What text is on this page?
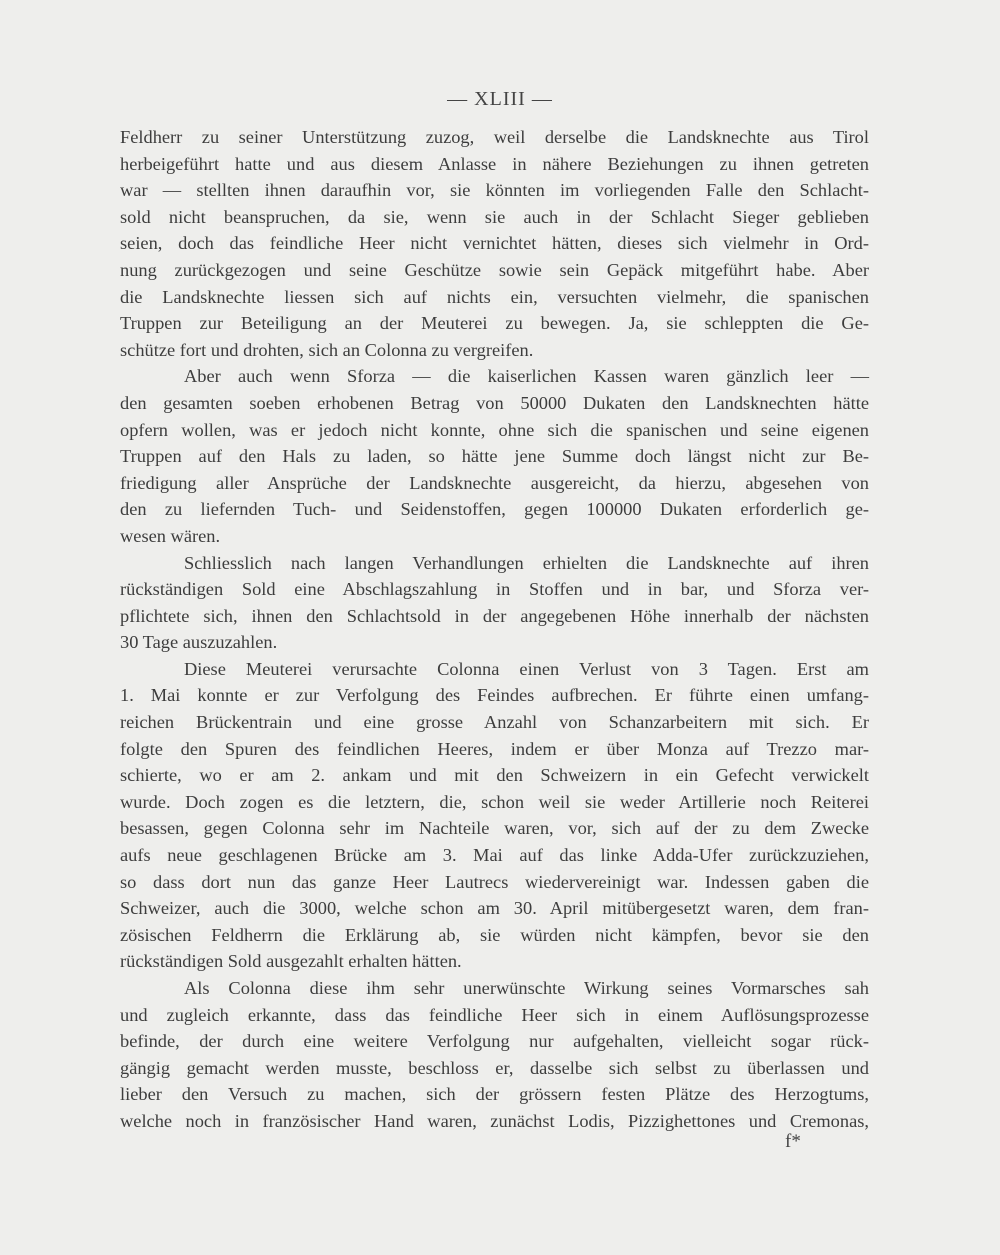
— XLIII —
Feldherr zu seiner Unterstützung zuzog, weil derselbe die Landsknechte aus Tirol
herbeigeführt hatte und aus diesem Anlasse in nähere Beziehungen zu ihnen getreten
war — stellten ihnen daraufhin vor, sie könnten im vorliegenden Falle den Schlacht-
sold nicht beanspruchen, da sie, wenn sie auch in der Schlacht Sieger geblieben
seien, doch das feindliche Heer nicht vernichtet hätten, dieses sich vielmehr in Ord-
nung zurückgezogen und seine Geschütze sowie sein Gepäck mitgeführt habe. Aber
die Landsknechte liessen sich auf nichts ein, versuchten vielmehr, die spanischen
Truppen zur Beteiligung an der Meuterei zu bewegen. Ja, sie schleppten die Ge-
schütze fort und drohten, sich an Colonna zu vergreifen.
Aber auch wenn Sforza — die kaiserlichen Kassen waren gänzlich leer —
den gesamten soeben erhobenen Betrag von 50000 Dukaten den Landsknechten hätte
opfern wollen, was er jedoch nicht konnte, ohne sich die spanischen und seine eigenen
Truppen auf den Hals zu laden, so hätte jene Summe doch längst nicht zur Be-
friedigung aller Ansprüche der Landsknechte ausgereicht, da hierzu, abgesehen von
den zu liefernden Tuch- und Seidenstoffen, gegen 100000 Dukaten erforderlich ge-
wesen wären.
Schliesslich nach langen Verhandlungen erhielten die Landsknechte auf ihren
rückständigen Sold eine Abschlagszahlung in Stoffen und in bar, und Sforza ver-
pflichtete sich, ihnen den Schlachtsold in der angegebenen Höhe innerhalb der nächsten
30 Tage auszuzahlen.
Diese Meuterei verursachte Colonna einen Verlust von 3 Tagen. Erst am
1. Mai konnte er zur Verfolgung des Feindes aufbrechen. Er führte einen umfang-
reichen Brückentrain und eine grosse Anzahl von Schanzarbeitern mit sich. Er
folgte den Spuren des feindlichen Heeres, indem er über Monza auf Trezzo mar-
schierte, wo er am 2. ankam und mit den Schweizern in ein Gefecht verwickelt
wurde. Doch zogen es die letztern, die, schon weil sie weder Artillerie noch Reiterei
besassen, gegen Colonna sehr im Nachteile waren, vor, sich auf der zu dem Zwecke
aufs neue geschlagenen Brücke am 3. Mai auf das linke Adda-Ufer zurückzuziehen,
so dass dort nun das ganze Heer Lautrecs wiedervereinigt war. Indessen gaben die
Schweizer, auch die 3000, welche schon am 30. April mitübergesetzt waren, dem fran-
zösischen Feldherrn die Erklärung ab, sie würden nicht kämpfen, bevor sie den
rückständigen Sold ausgezahlt erhalten hätten.
Als Colonna diese ihm sehr unerwünschte Wirkung seines Vormarsches sah
und zugleich erkannte, dass das feindliche Heer sich in einem Auflösungsprozesse
befinde, der durch eine weitere Verfolgung nur aufgehalten, vielleicht sogar rück-
gängig gemacht werden musste, beschloss er, dasselbe sich selbst zu überlassen und
lieber den Versuch zu machen, sich der grössern festen Plätze des Herzogtums,
welche noch in französischer Hand waren, zunächst Lodis, Pizzighettones und Cremonas,
f*
